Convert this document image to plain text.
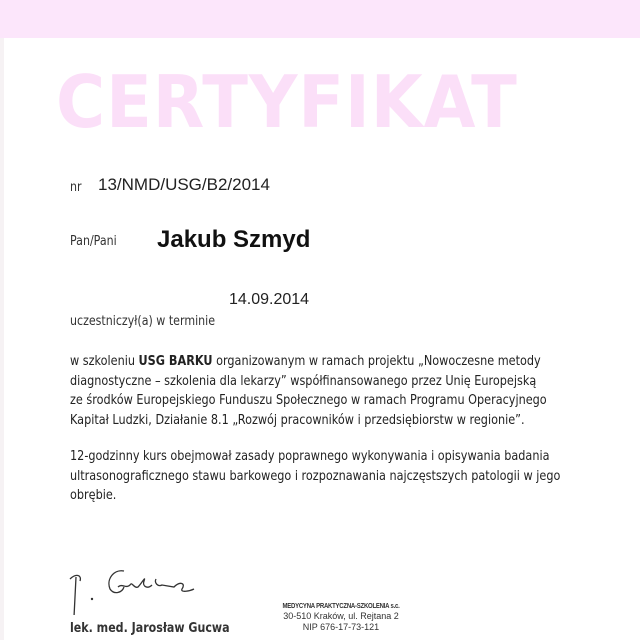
CERTYFIKAT
nr 13/NMD/USG/B2/2014
Pan/Pani Jakub Szmyd
14.09.2014
uczestniczył(a) w terminie
w szkoleniu USG BARKU organizowanym w ramach projektu „Nowoczesne metody
diagnostyczne – szkolenia dla lekarzy” współfinansowanego przez Unię Europejską
ze środków Europejskiego Funduszu Społecznego w ramach Programu Operacyjnego
Kapitał Ludzki, Działanie 8.1 „Rozwój pracowników i przedsiębiorstw w regionie”.
12-godzinny kurs obejmował zasady poprawnego wykonywania i opisywania badania
ultrasonograficznego stawu barkowego i rozpoznawania najczęstszych patologii w jego
obrębie.
lek. med. Jarosław Gucwa
MEDYCYNA PRAKTYCZNA-SZKOLENIA s.c.
30-510 Kraków, ul. Rejtana 2
NIP 676-17-73-121
